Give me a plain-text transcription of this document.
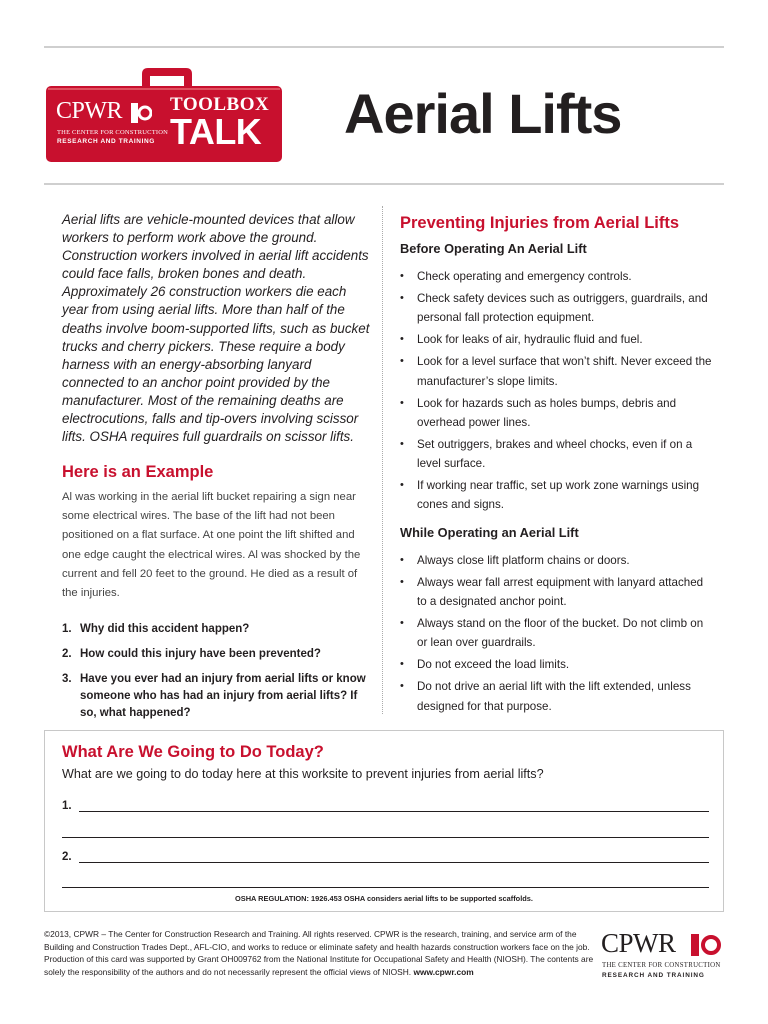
CPWR
THE CENTER FOR CONSTRUCTION
RESEARCH AND TRAINING
TOOLBOX
TALK Aerial Lifts

Aerial lifts are vehicle-mounted devices that allow workers to perform work above the ground. Construction workers involved in aerial lift accidents could face falls, broken bones and death. Approximately 26 construction workers die each year from using aerial lifts. More than half of the deaths involve boom-supported lifts, such as bucket trucks and cherry pickers. These require a body harness with an energy-absorbing lanyard connected to an anchor point provided by the manufacturer. Most of the remaining deaths are electrocutions, falls and tip-overs involving scissor lifts. OSHA requires full guardrails on scissor lifts.

Here is an Example

Al was working in the aerial lift bucket repairing a sign near some electrical wires. The base of the lift had not been positioned on a flat surface. At one point the lift shifted and one edge caught the electrical wires. Al was shocked by the current and fell 20 feet to the ground. He died as a result of the injuries.

1. Why did this accident happen?
2. How could this injury have been prevented?
3. Have you ever had an injury from aerial lifts or know someone who has had an injury from aerial lifts? If so, what happened?
Preventing Injuries from Aerial Lifts
Before Operating An Aerial Lift
•	Check operating and emergency controls.
•	Check safety devices such as outriggers, guardrails, and personal fall protection equipment.
•	Look for leaks of air, hydraulic fluid and fuel.
•	Look for a level surface that won’t shift. Never exceed the manufacturer’s slope limits.
•	Look for hazards such as holes bumps, debris and overhead power lines.
•	Set outriggers, brakes and wheel chocks, even if on a level surface.
•	If working near traffic, set up work zone warnings using cones and signs.
While Operating an Aerial Lift
•	Always close lift platform chains or doors.
•	Always wear fall arrest equipment with lanyard attached to a designated anchor point.
•	Always stand on the floor of the bucket. Do not climb on or lean over guardrails.
•	Do not exceed the load limits.
•	Do not drive an aerial lift with the lift extended, unless designed for that purpose.
What Are We Going to Do Today?

What are we going to do today here at this worksite to prevent injuries from aerial lifts?

1.
2.
OSHA REGULATION: 1926.453 OSHA considers aerial lifts to be supported scaffolds.

©2013, CPWR – The Center for Construction Research and Training. All rights reserved. CPWR is the research, training, and service arm of the Building and Construction Trades Dept., AFL-CIO, and works to reduce or eliminate safety and health hazards construction workers face on the job. Production of this card was supported by Grant OH009762 from the National Institute for Occupational Safety and Health (NIOSH). The contents are solely the responsibility of the authors and do not necessarily represent the official views of NIOSH. www.cpwr.com

CPWR
THE CENTER FOR CONSTRUCTION
RESEARCH AND TRAINING
